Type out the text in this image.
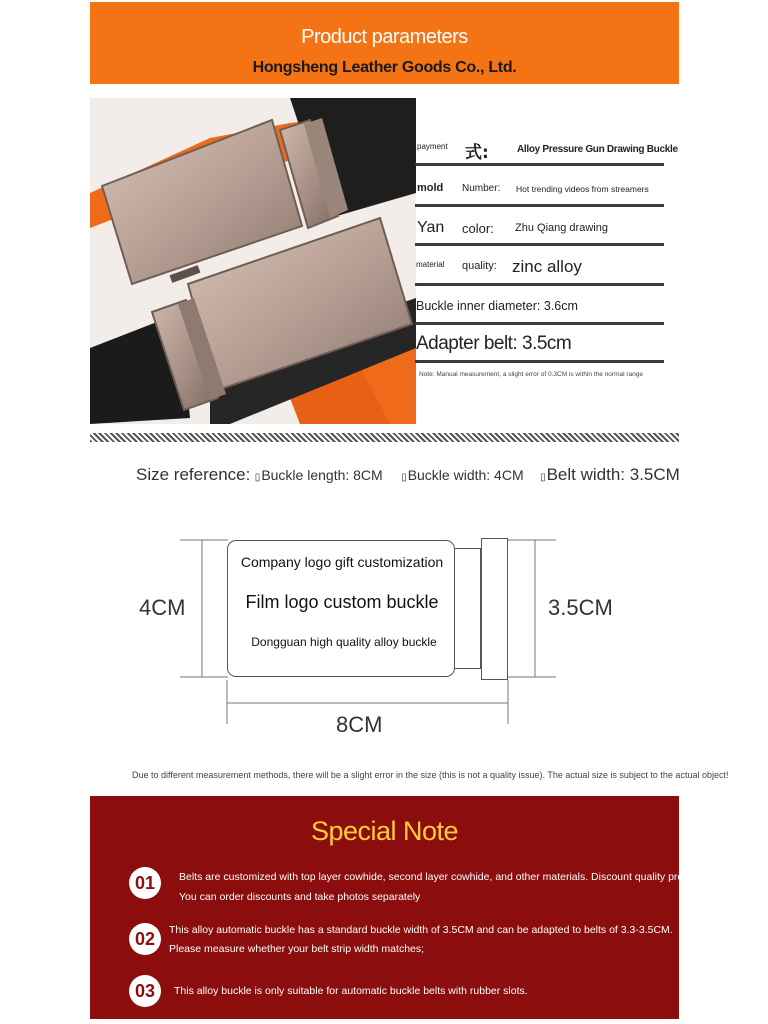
Product parameters
Hongsheng Leather Goods Co., Ltd.
payment 式:	Alloy Pressure Gun Drawing Buckle
mold Number: Hot trending videos from streamers
Yan color: Zhu Qiang drawing
material quality: zinc alloy
Buckle inner diameter: 3.6cm
Adapter belt: 3.5cm
Note: Manual measurement, a slight error of 0.3CM is within the normal range
Size reference: ▯Buckle length: 8CM ▯Buckle width: 4CM ▯Belt width: 3.5CM
Company logo gift customization
Film logo custom buckle
Dongguan high quality alloy buckle
4CM	3.5CM
8CM
Due to different measurement methods, there will be a slight error in the size (this is not a quality issue). The actual size is subject to the actual object!
Special Note
01	Belts are customized with top layer cowhide, second layer cowhide, and other materials. Discount quality production,
You can order discounts and take photos separately
02	This alloy automatic buckle has a standard buckle width of 3.5CM and can be adapted to belts of 3.3-3.5CM.
Please measure whether your belt strip width matches;
03	This alloy buckle is only suitable for automatic buckle belts with rubber slots.
